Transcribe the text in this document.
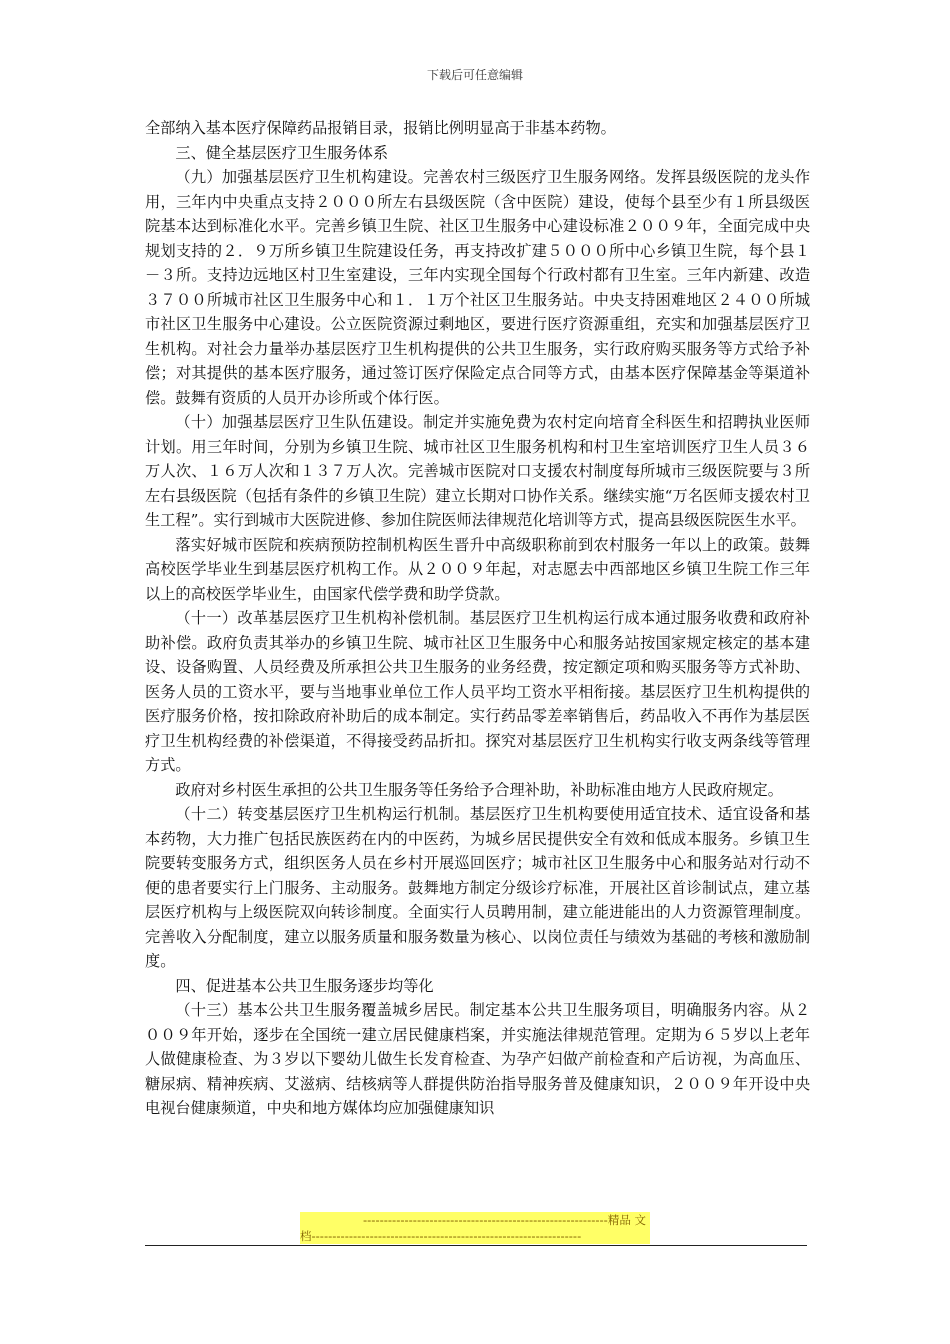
下载后可任意编辑

全部纳入基本医疗保障药品报销目录，报销比例明显高于非基本药物。

三、健全基层医疗卫生服务体系

（九）加强基层医疗卫生机构建设。完善农村三级医疗卫生服务网络。发挥县级医院的龙头作用，三年内中央重点支持２０００所左右县级医院（含中医院）建设，使每个县至少有１所县级医院基本达到标准化水平。完善乡镇卫生院、社区卫生服务中心建设标准２００９年，全面完成中央规划支持的２．９万所乡镇卫生院建设任务，再支持改扩建５０００所中心乡镇卫生院，每个县１－３所。支持边远地区村卫生室建设，三年内实现全国每个行政村都有卫生室。三年内新建、改造３７００所城市社区卫生服务中心和１．１万个社区卫生服务站。中央支持困难地区２４００所城市社区卫生服务中心建设。公立医院资源过剩地区，要进行医疗资源重组，充实和加强基层医疗卫生机构。对社会力量举办基层医疗卫生机构提供的公共卫生服务，实行政府购买服务等方式给予补偿；对其提供的基本医疗服务，通过签订医疗保险定点合同等方式，由基本医疗保障基金等渠道补偿。鼓舞有资质的人员开办诊所或个体行医。

（十）加强基层医疗卫生队伍建设。制定并实施免费为农村定向培育全科医生和招聘执业医师计划。用三年时间，分别为乡镇卫生院、城市社区卫生服务机构和村卫生室培训医疗卫生人员３６万人次、１６万人次和１３７万人次。完善城市医院对口支援农村制度每所城市三级医院要与３所左右县级医院（包括有条件的乡镇卫生院）建立长期对口协作关系。继续实施“万名医师支援农村卫生工程”。实行到城市大医院进修、参加住院医师法律规范化培训等方式，提高县级医院医生水平。

落实好城市医院和疾病预防控制机构医生晋升中高级职称前到农村服务一年以上的政策。鼓舞高校医学毕业生到基层医疗机构工作。从２００９年起，对志愿去中西部地区乡镇卫生院工作三年以上的高校医学毕业生，由国家代偿学费和助学贷款。

（十一）改革基层医疗卫生机构补偿机制。基层医疗卫生机构运行成本通过服务收费和政府补助补偿。政府负责其举办的乡镇卫生院、城市社区卫生服务中心和服务站按国家规定核定的基本建设、设备购置、人员经费及所承担公共卫生服务的业务经费，按定额定项和购买服务等方式补助、医务人员的工资水平，要与当地事业单位工作人员平均工资水平相衔接。基层医疗卫生机构提供的医疗服务价格，按扣除政府补助后的成本制定。实行药品零差率销售后，药品收入不再作为基层医疗卫生机构经费的补偿渠道，不得接受药品折扣。探究对基层医疗卫生机构实行收支两条线等管理方式。

政府对乡村医生承担的公共卫生服务等任务给予合理补助，补助标准由地方人民政府规定。

（十二）转变基层医疗卫生机构运行机制。基层医疗卫生机构要使用适宜技术、适宜设备和基本药物，大力推广包括民族医药在内的中医药，为城乡居民提供安全有效和低成本服务。乡镇卫生院要转变服务方式，组织医务人员在乡村开展巡回医疗；城市社区卫生服务中心和服务站对行动不便的患者要实行上门服务、主动服务。鼓舞地方制定分级诊疗标准，开展社区首诊制试点，建立基层医疗机构与上级医院双向转诊制度。全面实行人员聘用制，建立能进能出的人力资源管理制度。完善收入分配制度，建立以服务质量和服务数量为核心、以岗位责任与绩效为基础的考核和激励制度。

四、促进基本公共卫生服务逐步均等化

（十三）基本公共卫生服务覆盖城乡居民。制定基本公共卫生服务项目，明确服务内容。从２００９年开始，逐步在全国统一建立居民健康档案，并实施法律规范管理。定期为６５岁以上老年人做健康检查、为３岁以下婴幼儿做生长发育检查、为孕产妇做产前检查和产后访视，为高血压、糖尿病、精神疾病、艾滋病、结核病等人群提供防治指导服务普及健康知识，２００９年开设中央电视台健康频道，中央和地方媒体均应加强健康知识

-----------------------------------------------------------精品 文
档-----------------------------------------------------------------
